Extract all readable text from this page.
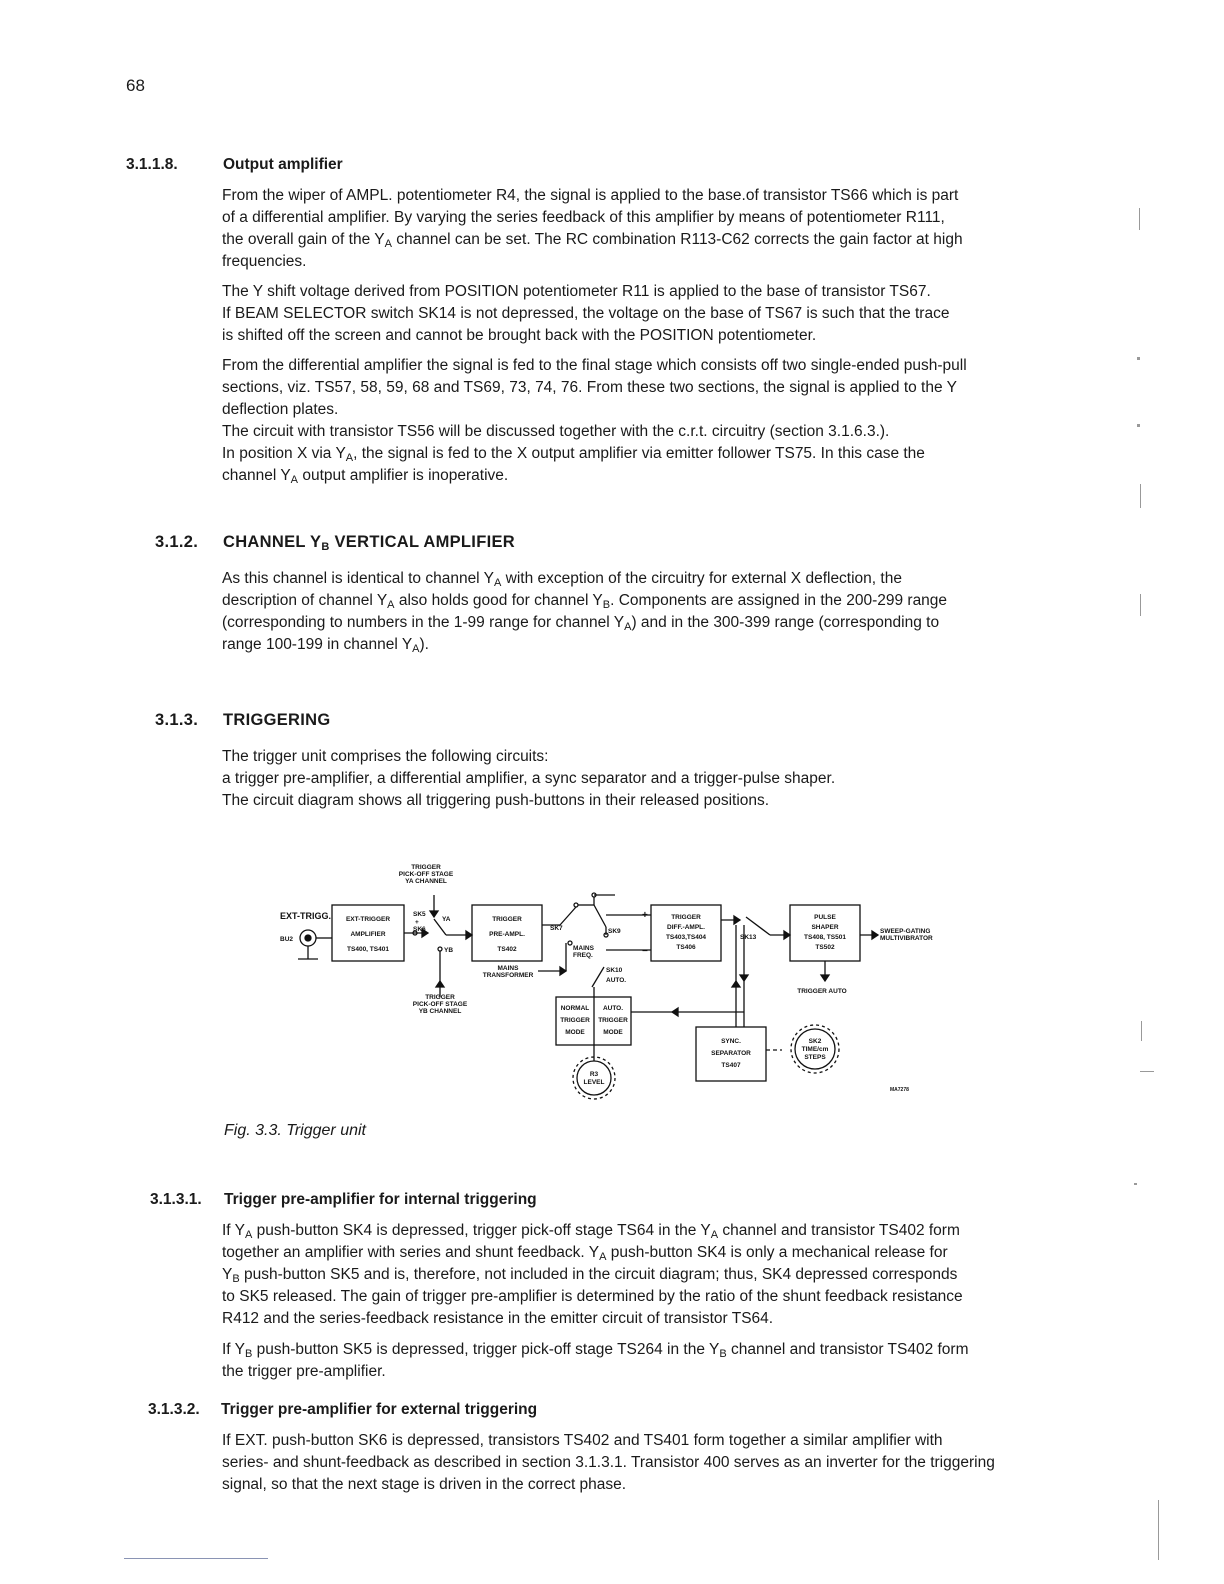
68
3.1.1.8.	Output amplifier
From the wiper of AMPL. potentiometer R4, the signal is applied to the base.of transistor TS66 which is part
of a differential amplifier. By varying the series feedback of this amplifier by means of potentiometer R111,
the overall gain of the $Y_A$ channel can be set. The RC combination R113-C62 corrects the gain factor at high
frequencies.
The Y shift voltage derived from POSITION potentiometer R11 is applied to the base of transistor TS67.
If BEAM SELECTOR switch SK14 is not depressed, the voltage on the base of TS67 is such that the trace
is shifted off the screen and cannot be brought back with the POSITION potentiometer.
From the differential amplifier the signal is fed to the final stage which consists off two single-ended push-pull
sections, viz. TS57, 58, 59, 68 and TS69, 73, 74, 76. From these two sections, the signal is applied to the Y
deflection plates.
The circuit with transistor TS56 will be discussed together with the c.r.t. circuitry (section 3.1.6.3.).
In position X via $Y_A$, the signal is fed to the X output amplifier via emitter follower TS75. In this case the
channel $Y_A$ output amplifier is inoperative.
3.1.2. CHANNEL $Y_B$ VERTICAL AMPLIFIER
As this channel is identical to channel $Y_A$ with exception of the circuitry for external X deflection, the
description of channel $Y_A$ also holds good for channel $Y_B$. Components are assigned in the 200-299 range
(corresponding to numbers in the 1-99 range for channel $Y_A$) and in the 300-399 range (corresponding to
range 100-199 in channel $Y_A$).
3.1.3. TRIGGERING
The trigger unit comprises the following circuits:
a trigger pre-amplifier, a differential amplifier, a sync separator and a trigger-pulse shaper.
The circuit diagram shows all triggering push-buttons in their released positions.
TRIGGER
PICK-OFF STAGE
YA CHANNEL
EXT-TRIGG.
BU2
EXT-TRIGGER
AMPLIFIER
TS400, TS401
SK5
+
SK6
YA
YB
TRIGGER
PICK-OFF STAGE
YB CHANNEL
TRIGGER
PRE-AMPL.
TS402
SK7	SK9
MAINS
FREQ.
MAINS
TRANSFORMER
SK10
AUTO.
TRIGGER
DIFF.-AMPL.
TS403,TS404
TS406
+
−
SK13
PULSE
SHAPER
TS408, TS501
TS502
SWEEP-GATING
MULTIVIBRATOR
TRIGGER AUTO
NORMAL
TRIGGER
MODE
AUTO.
TRIGGER
MODE
SYNC.
SEPARATOR
TS407
SK2
TIME/cm
STEPS
R3
LEVEL
MA7278
Fig. 3.3. Trigger unit
3.1.3.1. Trigger pre-amplifier for internal triggering
If $Y_A$ push-button SK4 is depressed, trigger pick-off stage TS64 in the $Y_A$ channel and transistor TS402 form
together an amplifier with series and shunt feedback. $Y_A$ push-button SK4 is only a mechanical release for
$Y_B$ push-button SK5 and is, therefore, not included in the circuit diagram; thus, SK4 depressed corresponds
to SK5 released. The gain of trigger pre-amplifier is determined by the ratio of the shunt feedback resistance
R412 and the series-feedback resistance in the emitter circuit of transistor TS64.
If $Y_B$ push-button SK5 is depressed, trigger pick-off stage TS264 in the $Y_B$ channel and transistor TS402 form
the trigger pre-amplifier.
3.1.3.2. Trigger pre-amplifier for external triggering
If EXT. push-button SK6 is depressed, transistors TS402 and TS401 form together a similar amplifier with
series- and shunt-feedback as described in section 3.1.3.1. Transistor 400 serves as an inverter for the triggering
signal, so that the next stage is driven in the correct phase.
